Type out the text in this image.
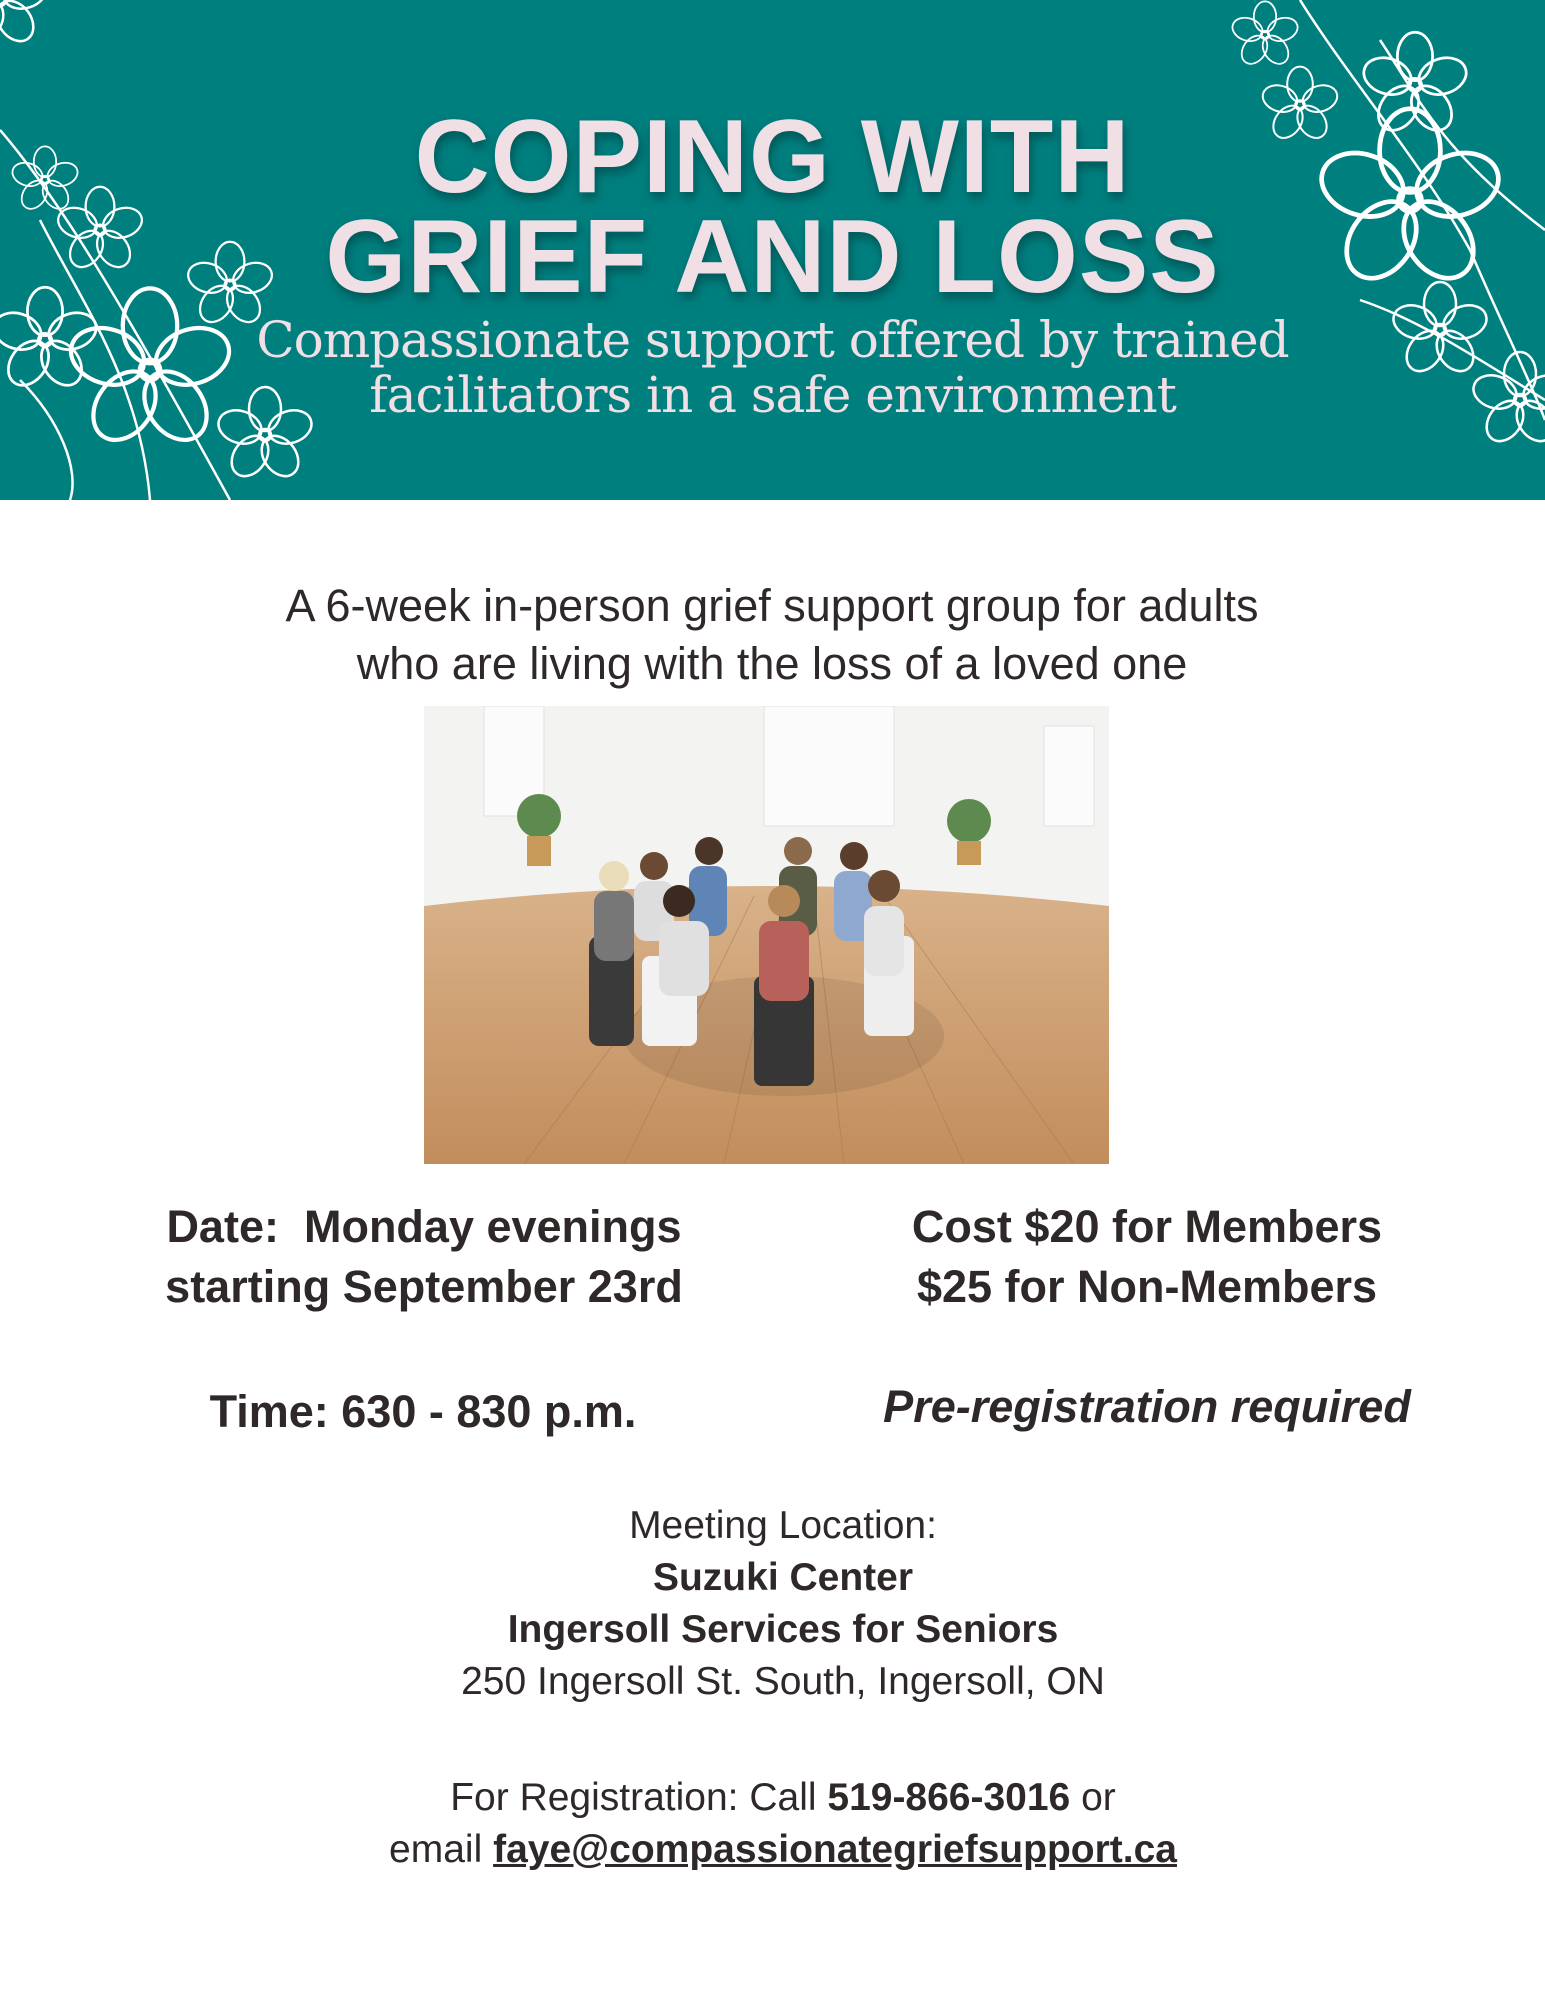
COPING WITH
GRIEF AND LOSS
Compassionate support offered by trained
facilitators in a safe environment
A 6-week in-person grief support group for adults
who are living with the loss of a loved one
Date:  Monday evenings
starting September 23rd
Cost $20 for Members
$25 for Non-Members
Time: 630 - 830 p.m.	Pre-registration required
Meeting Location:
Suzuki Center
Ingersoll Services for Seniors
250 Ingersoll St. South, Ingersoll, ON
For Registration: Call 519-866-3016 or
email faye@compassionategriefsupport.ca
